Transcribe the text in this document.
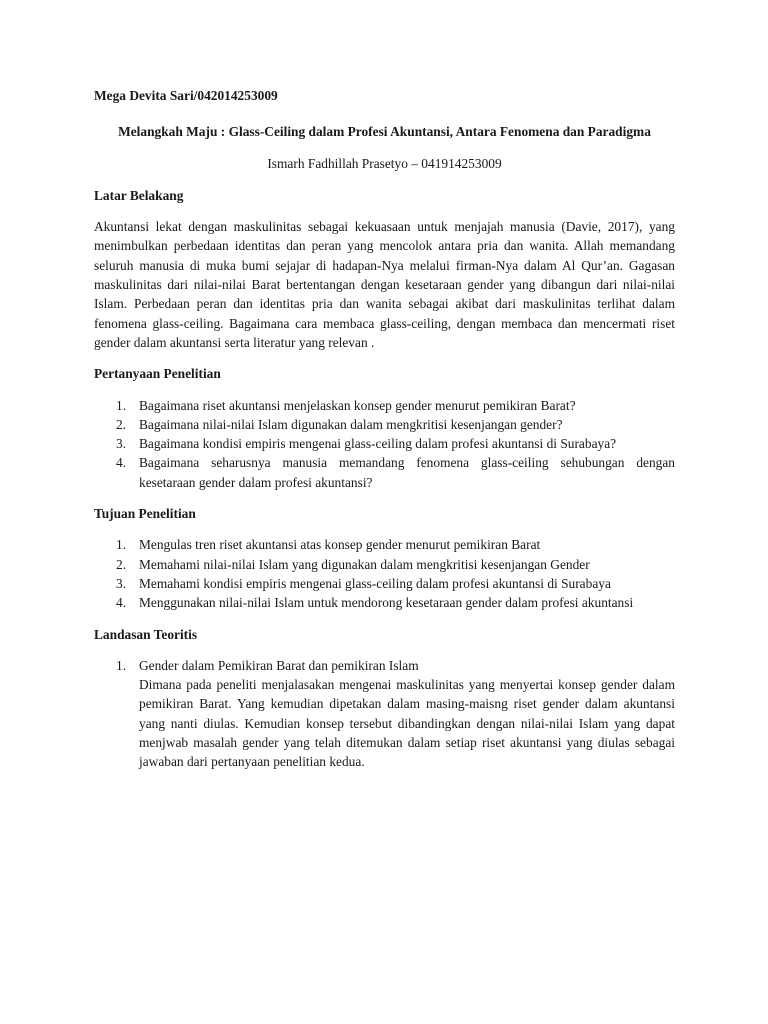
Mega Devita Sari/042014253009
Melangkah Maju : Glass-Ceiling dalam Profesi Akuntansi, Antara Fenomena dan Paradigma
Ismarh Fadhillah Prasetyo – 041914253009
Latar Belakang
Akuntansi lekat dengan maskulinitas sebagai kekuasaan untuk menjajah manusia (Davie, 2017), yang menimbulkan perbedaan identitas dan peran yang mencolok antara pria dan wanita. Allah memandang seluruh manusia di muka bumi sejajar di hadapan-Nya melalui firman-Nya dalam Al Qur’an. Gagasan maskulinitas dari nilai-nilai Barat bertentangan dengan kesetaraan gender yang dibangun dari nilai-nilai Islam. Perbedaan peran dan identitas pria dan wanita sebagai akibat dari maskulinitas terlihat dalam fenomena glass-ceiling. Bagaimana cara membaca glass-ceiling, dengan membaca dan mencermati riset gender dalam akuntansi serta literatur yang relevan .
Pertanyaan Penelitian
1. Bagaimana riset akuntansi menjelaskan konsep gender menurut pemikiran Barat?
2. Bagaimana nilai-nilai Islam digunakan dalam mengkritisi kesenjangan gender?
3. Bagaimana kondisi empiris mengenai glass-ceiling dalam profesi akuntansi di Surabaya?
4. Bagaimana seharusnya manusia memandang fenomena glass-ceiling sehubungan dengan kesetaraan gender dalam profesi akuntansi?
Tujuan Penelitian
1. Mengulas tren riset akuntansi atas konsep gender menurut pemikiran Barat
2. Memahami nilai-nilai Islam yang digunakan dalam mengkritisi kesenjangan Gender
3. Memahami kondisi empiris mengenai glass-ceiling dalam profesi akuntansi di Surabaya
4. Menggunakan nilai-nilai Islam untuk mendorong kesetaraan gender dalam profesi akuntansi
Landasan Teoritis
1. Gender dalam Pemikiran Barat dan pemikiran Islam
Dimana pada peneliti menjalasakan mengenai maskulinitas yang menyertai konsep gender dalam pemikiran Barat. Yang kemudian dipetakan dalam masing-maisng riset gender dalam akuntansi yang nanti diulas. Kemudian konsep tersebut dibandingkan dengan nilai-nilai Islam yang dapat menjwab masalah gender yang telah ditemukan dalam setiap riset akuntansi yang diulas sebagai jawaban dari pertanyaan penelitian kedua.
